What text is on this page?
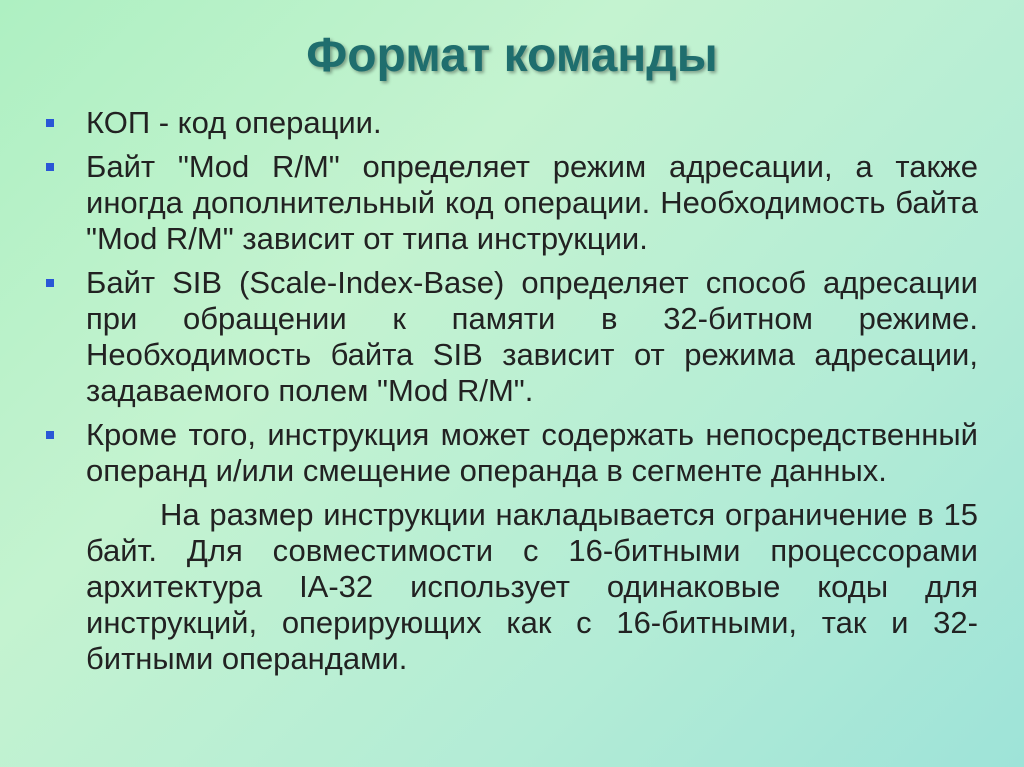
Формат команды
КОП - код операции.
Байт "Mod R/M" определяет режим адресации, а также иногда дополнительный код операции. Необходимость байта "Mod R/M" зависит от типа инструкции.
Байт SIB (Scale-Index-Base) определяет способ адресации при обращении к памяти в 32-битном режиме. Необходимость байта SIB зависит от режима адресации, задаваемого полем "Mod R/M".
Кроме того, инструкция может содержать непосредственный операнд и/или смещение операнда в сегменте данных.
На размер инструкции накладывается ограничение в 15 байт. Для совместимости с 16-битными процессорами архитектура IA-32 использует одинаковые коды для инструкций, оперирующих как с 16-битными, так и 32-битными операндами.
